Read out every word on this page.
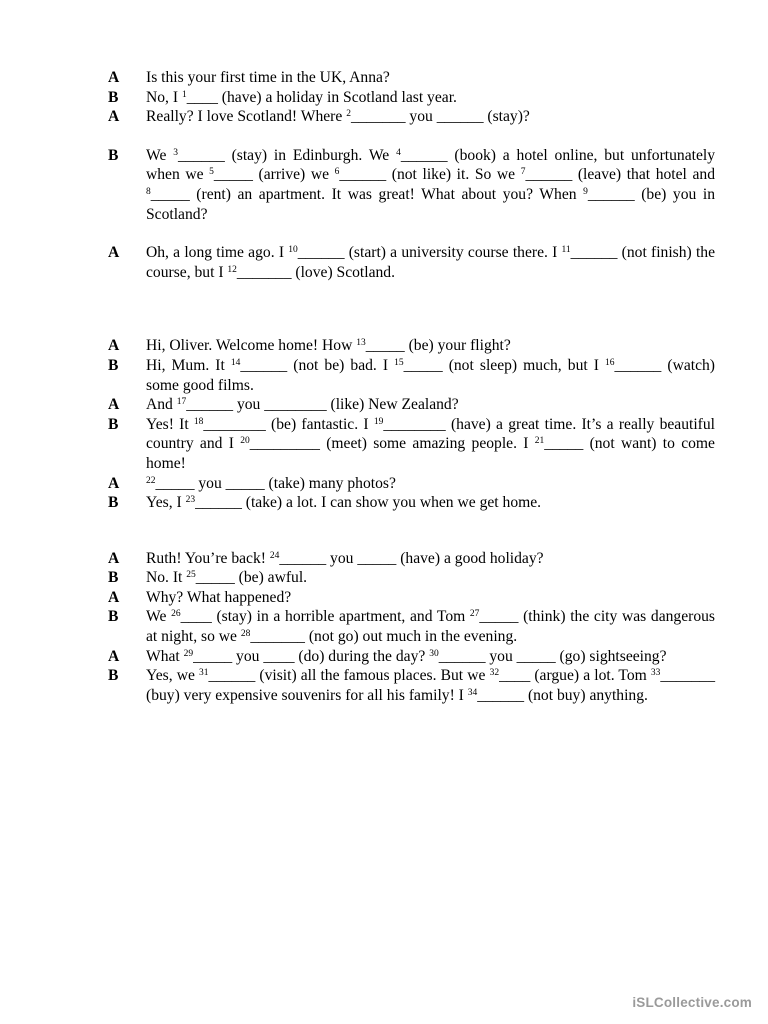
A	Is this your first time in the UK, Anna?
B	No, I $^1$____ (have) a holiday in Scotland last year.
A	Really? I love Scotland! Where $^2$_______ you ______ (stay)?
B	We $^3$______ (stay) in Edinburgh. We $^4$______ (book) a hotel online, but unfortunately when we $^5$_____ (arrive) we $^6$______ (not like) it. So we $^7$______ (leave) that hotel and $^8$_____ (rent) an apartment. It was great! What about you? When $^9$______ (be) you in Scotland?
A	Oh, a long time ago. I $^{10}$______ (start) a university course there. I $^{11}$______ (not finish) the course, but I $^{12}$_______ (love) Scotland.
A	Hi, Oliver. Welcome home! How $^{13}$_____ (be) your flight?
B	Hi, Mum. It $^{14}$______ (not be) bad. I $^{15}$_____ (not sleep) much, but I $^{16}$______ (watch) some good films.
A	And $^{17}$______ you ________ (like) New Zealand?
B	Yes! It $^{18}$________ (be) fantastic. I $^{19}$________ (have) a great time. It’s a really beautiful country and I $^{20}$_________ (meet) some amazing people. I $^{21}$_____ (not want) to come home!
A	$^{22}$_____ you _____ (take) many photos?
B	Yes, I $^{23}$______ (take) a lot. I can show you when we get home.
A	Ruth! You’re back! $^{24}$______ you _____ (have) a good holiday?
B	No. It $^{25}$_____ (be) awful.
A	Why? What happened?
B	We $^{26}$____ (stay) in a horrible apartment, and Tom $^{27}$_____ (think) the city was dangerous at night, so we $^{28}$_______ (not go) out much in the evening.
A	What $^{29}$_____ you ____ (do) during the day? $^{30}$______ you _____ (go) sightseeing?
B	Yes, we $^{31}$______ (visit) all the famous places. But we $^{32}$____ (argue) a lot. Tom $^{33}$_______ (buy) very expensive souvenirs for all his family! I $^{34}$______ (not buy) anything.
iSLCollective.com
